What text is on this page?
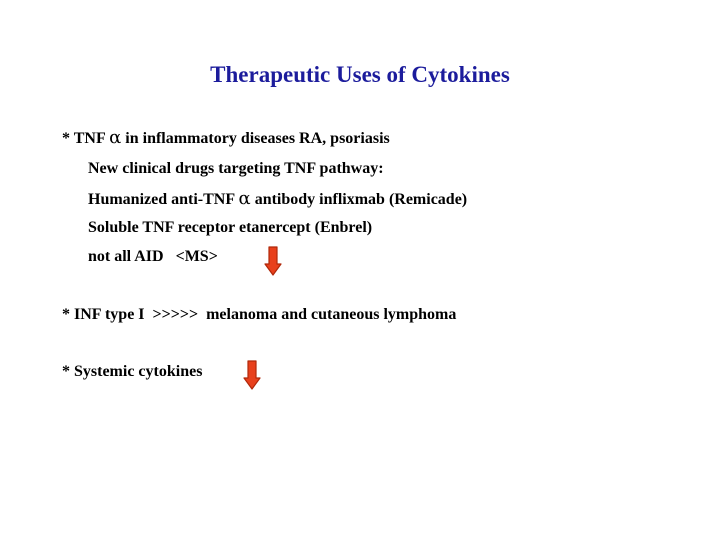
Therapeutic Uses of Cytokines
* TNF α in inflammatory diseases RA, psoriasis
New clinical drugs targeting TNF pathway:
Humanized anti-TNF α antibody inflixmab (Remicade)
Soluble TNF receptor etanercept (Enbrel)
not all AID   <MS>
* INF type I  >>>>>  melanoma and cutaneous lymphoma
* Systemic cytokines
